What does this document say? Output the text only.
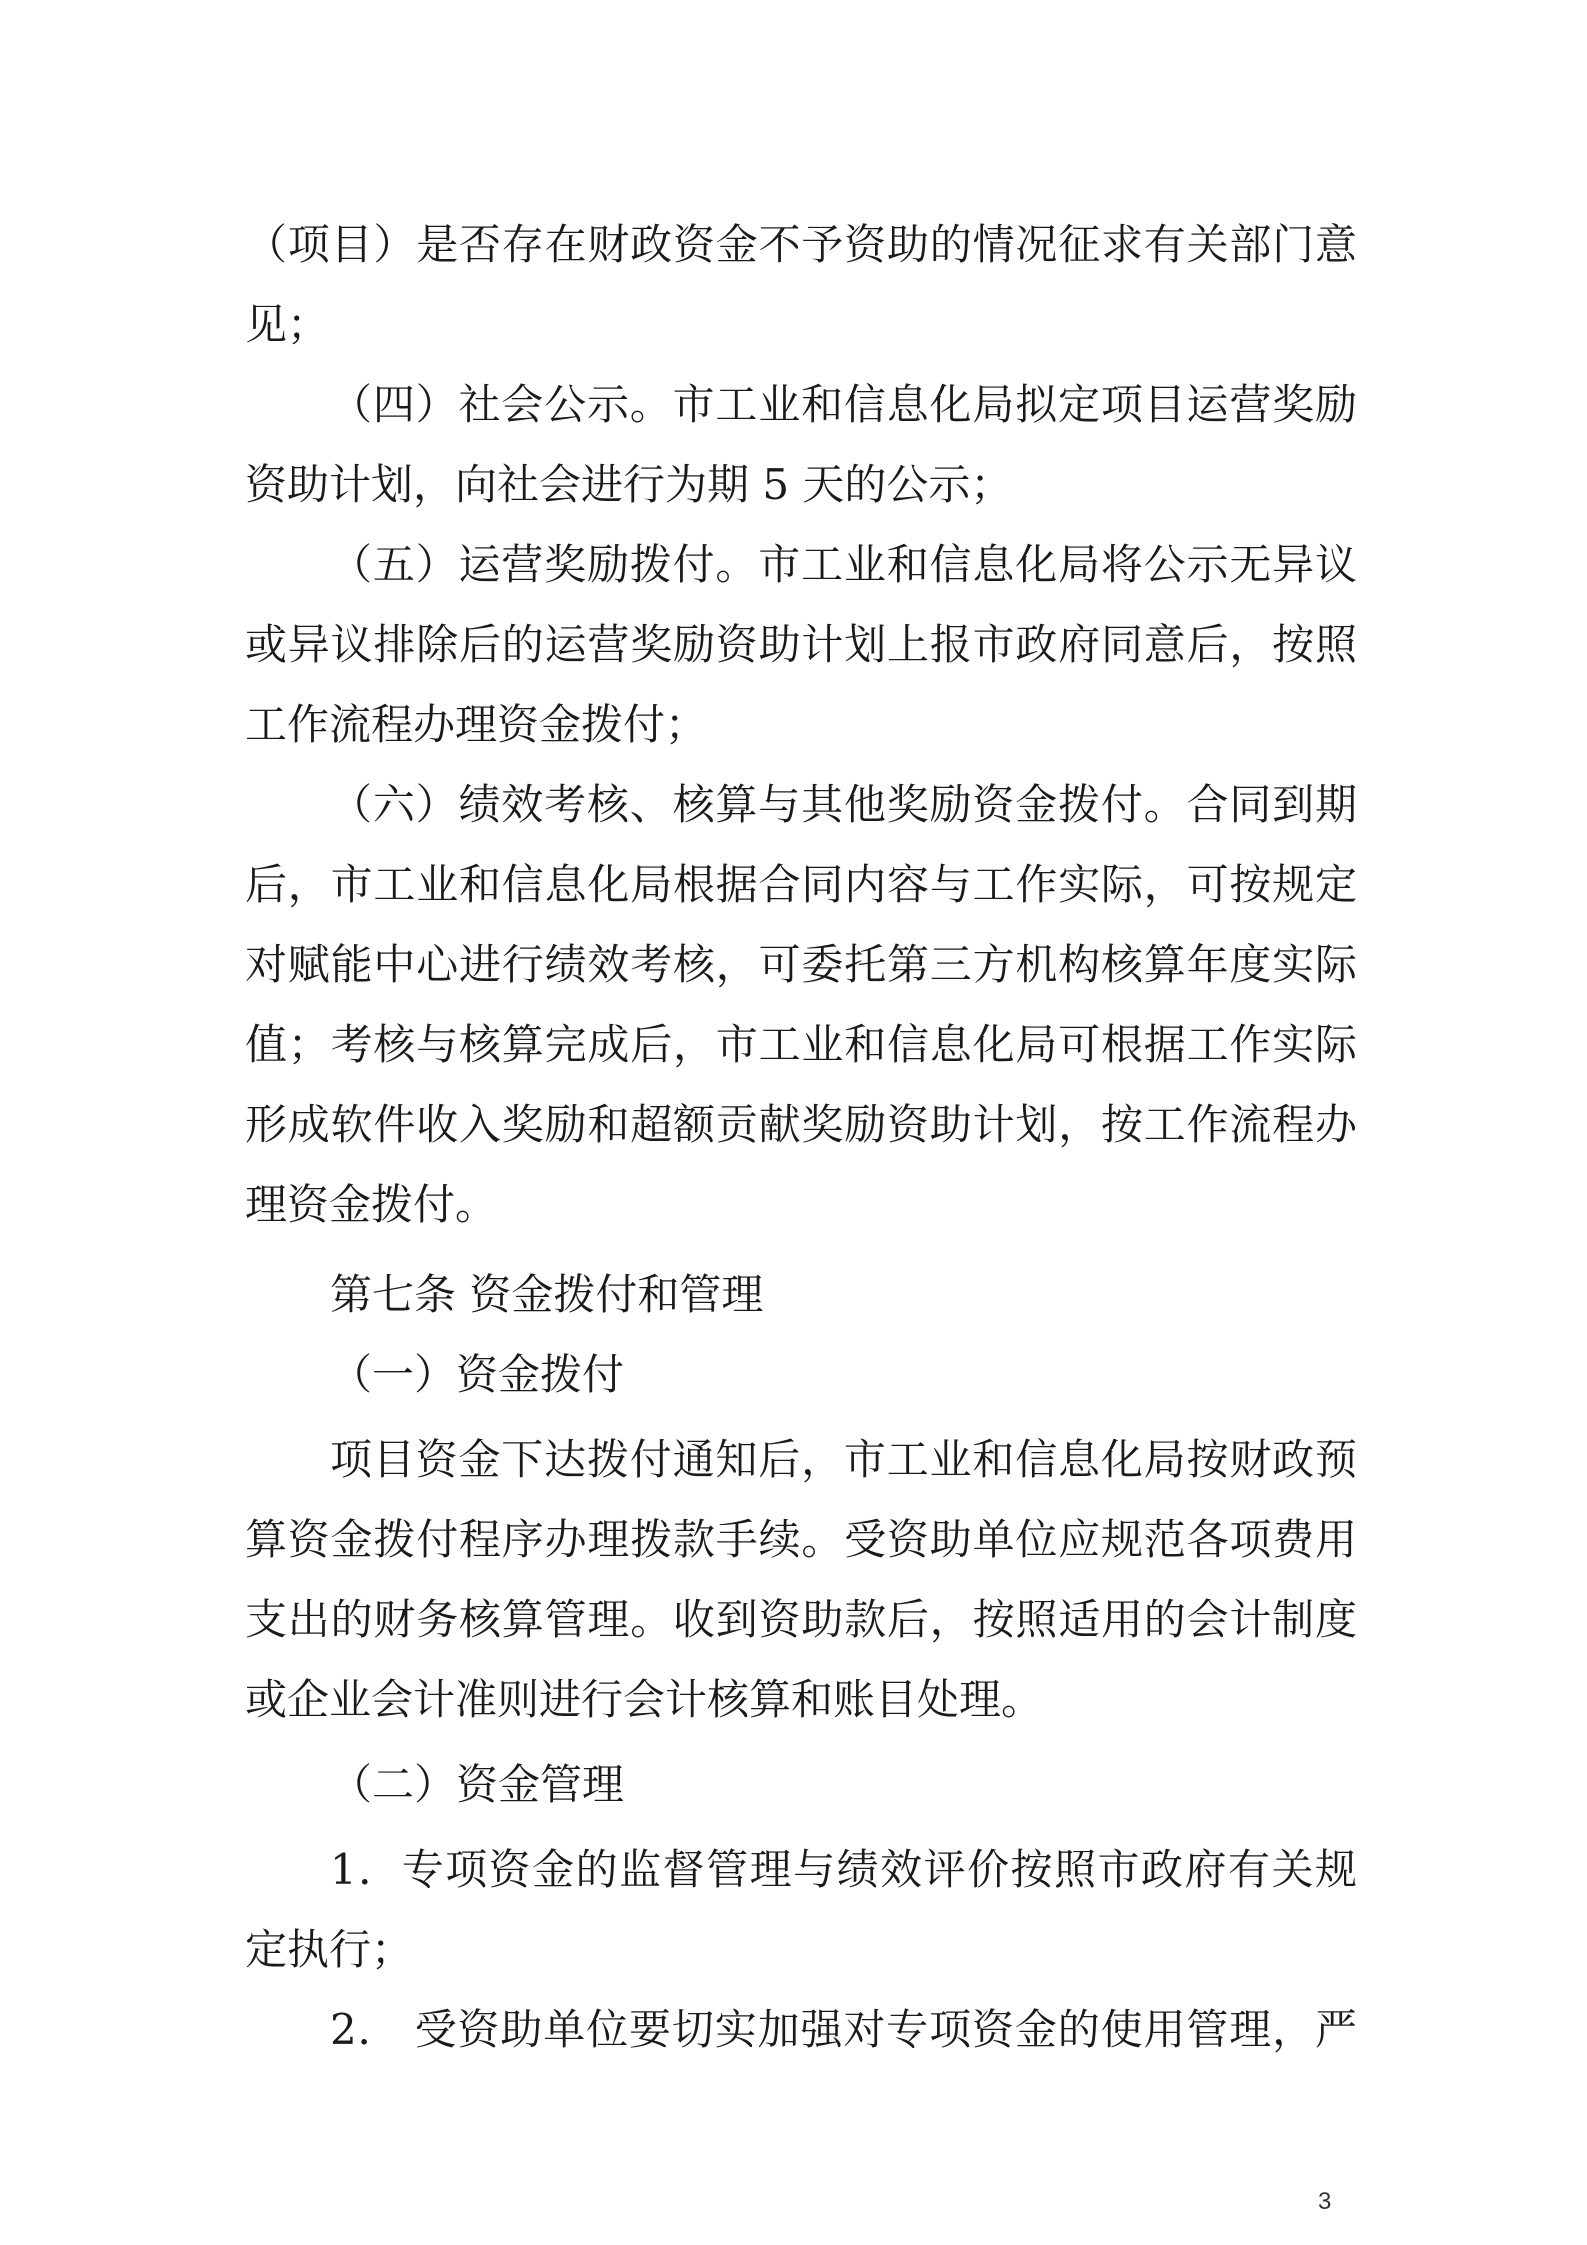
（项目）是否存在财政资金不予资助的情况征求有关部门意
见；
（四）社会公示。市工业和信息化局拟定项目运营奖励
资助计划，向社会进行为期 5 天的公示；
（五）运营奖励拨付。市工业和信息化局将公示无异议
或异议排除后的运营奖励资助计划上报市政府同意后，按照
工作流程办理资金拨付；
（六）绩效考核、核算与其他奖励资金拨付。合同到期
后，市工业和信息化局根据合同内容与工作实际，可按规定
对赋能中心进行绩效考核，可委托第三方机构核算年度实际
值；考核与核算完成后，市工业和信息化局可根据工作实际
形成软件收入奖励和超额贡献奖励资助计划，按工作流程办
理资金拨付。
第七条 资金拨付和管理
（一）资金拨付
项目资金下达拨付通知后，市工业和信息化局按财政预
算资金拨付程序办理拨款手续。受资助单位应规范各项费用
支出的财务核算管理。收到资助款后，按照适用的会计制度
或企业会计准则进行会计核算和账目处理。
（二）资金管理
1．专项资金的监督管理与绩效评价按照市政府有关规
定执行；
2． 受资助单位要切实加强对专项资金的使用管理，严
3
